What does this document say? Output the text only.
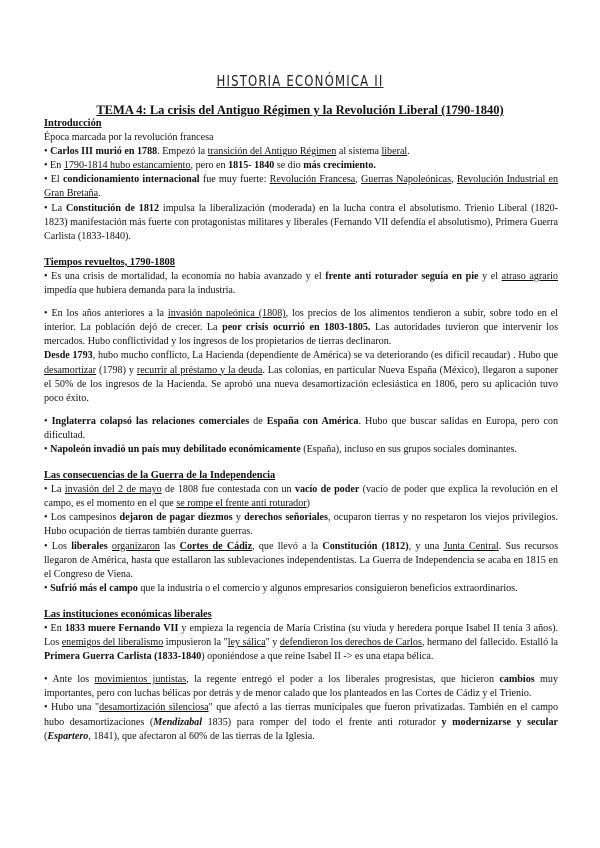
HISTORIA ECONÓMICA II
TEMA 4: La crisis del Antiguo Régimen y la Revolución Liberal (1790-1840)
Introducción

Época marcada por la revolución francesa

• Carlos III murió en 1788. Empezó la transición del Antiguo Régimen al sistema liberal.

• En 1790-1814 hubo estancamiento, pero en 1815- 1840 se dio más crecimiento.

• El condicionamiento internacional fue muy fuerte: Revolución Francesa, Guerras Napoleónicas, Revolución Industrial en Gran Bretaña.

• La Constitución de 1812 impulsa la liberalización (moderada) en la lucha contra el absolutismo. Trienio Liberal (1820-1823) manifestación más fuerte con protagonistas militares y liberales (Fernando VII defendía el absolutismo), Primera Guerra Carlista (1833-1840).

Tiempos revueltos, 1790-1808

• Es una crisis de mortalidad, la economía no había avanzado y el frente anti roturador seguía en pie y el atraso agrario impedía que hubiera demanda para la industria.

• En los años anteriores a la invasión napoleónica (1808), los precios de los alimentos tendieron a subir, sobre todo en el interior. La población dejó de crecer. La peor crisis ocurrió en 1803-1805. Las autoridades tuvieron que intervenir los mercados. Hubo conflictividad y los ingresos de los propietarios de tierras declinaron.

Desde 1793, hubo mucho conflicto, La Hacienda (dependiente de América) se va deteriorando (es difícil recaudar) . Hubo que desamortizar (1798) y recurrir al préstamo y la deuda. Las colonias, en particular Nueva España (México), llegaron a suponer el 50% de los ingresos de la Hacienda. Se aprobó una nueva desamortización eclesiástica en 1806, pero su aplicación tuvo poco éxito.

• Inglaterra colapsó las relaciones comerciales de España con América. Hubo que buscar salidas en Europa, pero con dificultad.

• Napoleón invadió un país muy debilitado económicamente (España), incluso en sus grupos sociales dominantes.

Las consecuencias de la Guerra de la Independencia

• La invasión del 2 de mayo de 1808 fue contestada con un vacío de poder (vacío de poder que explica la revolución en el campo, es el momento en el que se rompe el frente anti roturador)

• Los campesinos dejaron de pagar diezmos y derechos señoriales, ocuparon tierras y no respetaron los viejos privilegios. Hubo ocupación de tierras también durante guerras.

• Los liberales organizaron las Cortes de Cádiz, que llevó a la Constitución (1812), y una Junta Central. Sus recursos llegaron de América, hasta que estallaron las sublevaciones independentistas. La Guerra de Independencia se acaba en 1815 en el Congreso de Viena.

• Sufrió más el campo que la industria o el comercio y algunos empresarios consiguieron beneficios extraordinarios.

Las instituciones económicas liberales

• En 1833 muere Fernando VII y empieza la regencia de María Cristina (su viuda y heredera porque Isabel II tenía 3 años). Los enemigos del liberalismo impusieron la "ley sálica" y defendieron los derechos de Carlos, hermano del fallecido. Estalló la Primera Guerra Carlista (1833-1840) oponiéndose a que reine Isabel II -> es una etapa bélica.

• Ante los movimientos juntistas, la regente entregó el poder a los liberales progresistas, que hicieron cambios muy importantes, pero con luchas bélicas por detrás y de menor calado que los planteados en las Cortes de Cádiz y el Trienio.

• Hubo una "desamortización silenciosa" que afectó a las tierras municipales que fueron privatizadas. También en el campo hubo desamortizaciones (Mendizabal 1835) para romper del todo el frente anti roturador y modernizarse y secular (Espartero, 1841), que afectaron al 60% de las tierras de la Iglesia.
